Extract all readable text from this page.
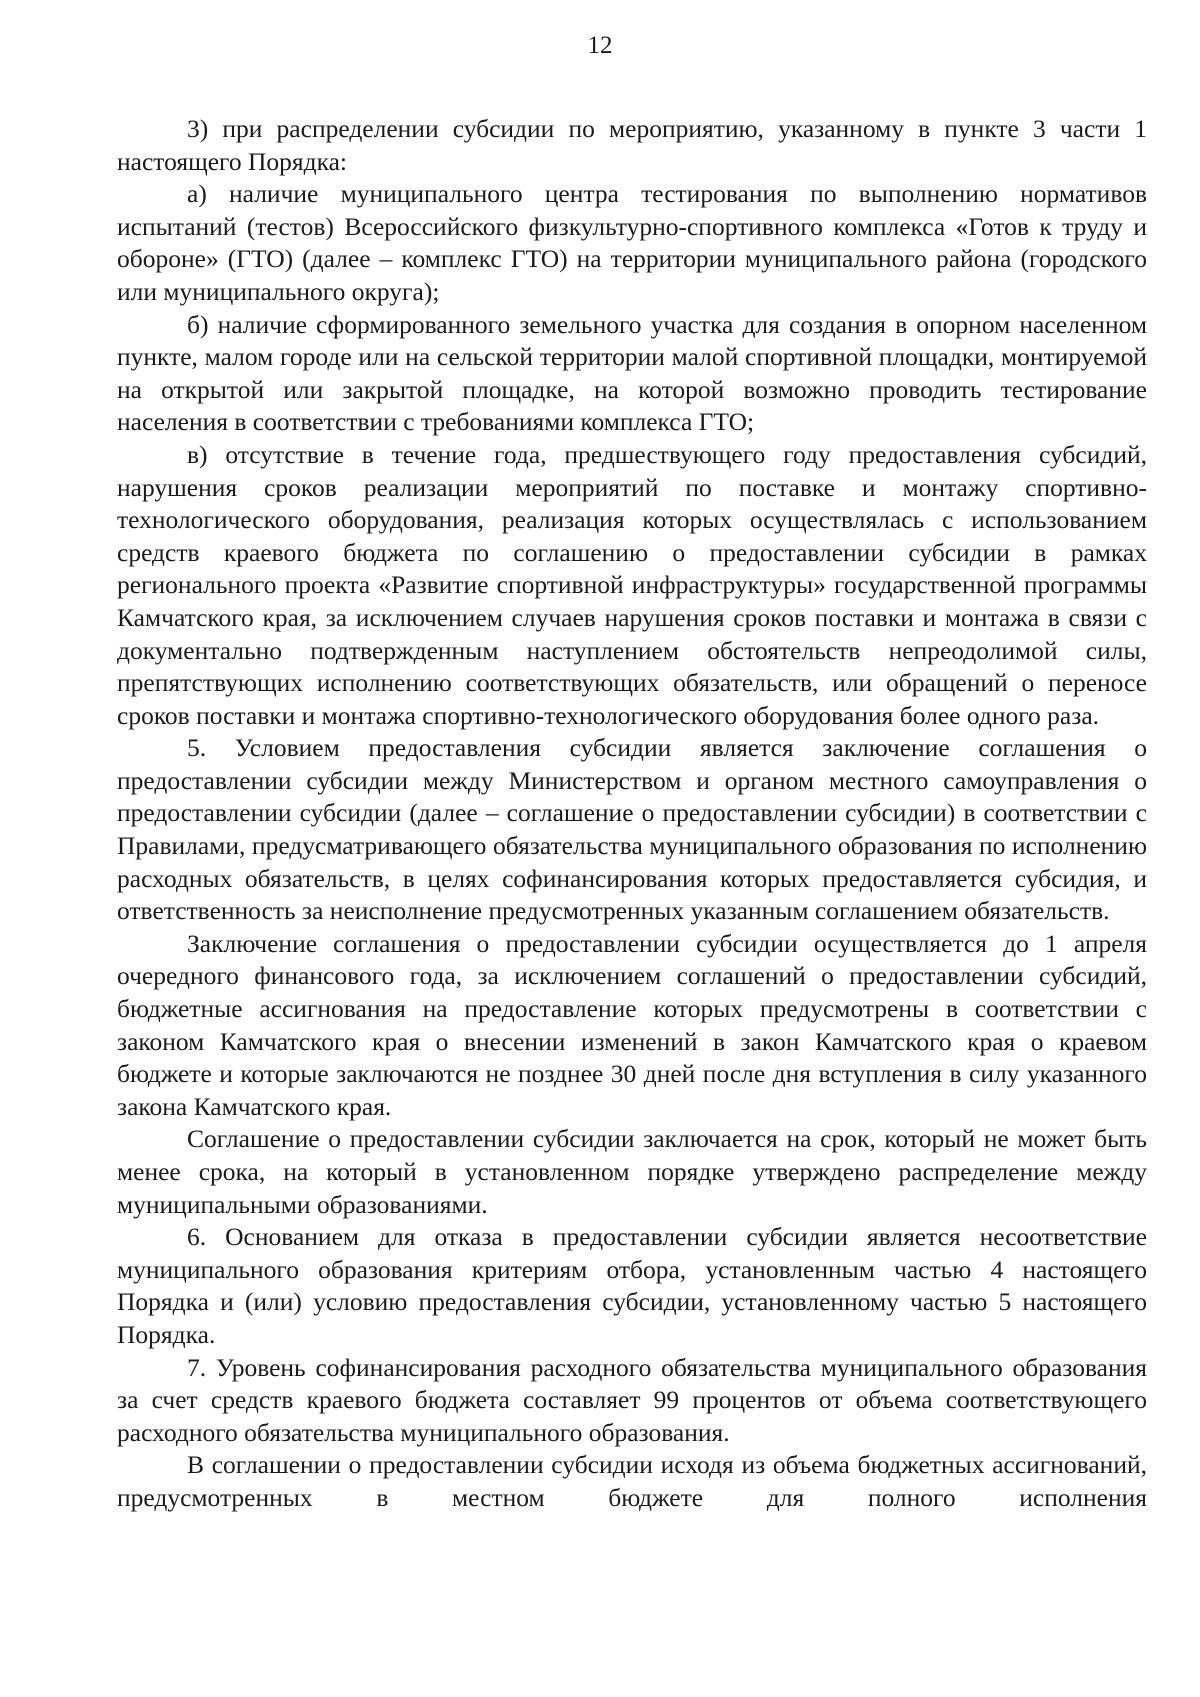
12

3) при распределении субсидии по мероприятию, указанному в пункте 3 части 1 настоящего Порядка:

а) наличие муниципального центра тестирования по выполнению нормативов испытаний (тестов) Всероссийского физкультурно-спортивного комплекса «Готов к труду и обороне» (ГТО) (далее – комплекс ГТО) на территории муниципального района (городского или муниципального округа);

б) наличие сформированного земельного участка для создания в опорном населенном пункте, малом городе или на сельской территории малой спортивной площадки, монтируемой на открытой или закрытой площадке, на которой возможно проводить тестирование населения в соответствии с требованиями комплекса ГТО;

в) отсутствие в течение года, предшествующего году предоставления субсидий, нарушения сроков реализации мероприятий по поставке и монтажу спортивно-технологического оборудования, реализация которых осуществлялась с использованием средств краевого бюджета по соглашению о предоставлении субсидии в рамках регионального проекта «Развитие спортивной инфраструктуры» государственной программы Камчатского края, за исключением случаев нарушения сроков поставки и монтажа в связи с документально подтвержденным наступлением обстоятельств непреодолимой силы, препятствующих исполнению соответствующих обязательств, или обращений о переносе сроков поставки и монтажа спортивно-технологического оборудования более одного раза.

5. Условием предоставления субсидии является заключение соглашения о предоставлении субсидии между Министерством и органом местного самоуправления о предоставлении субсидии (далее – соглашение о предоставлении субсидии) в соответствии с Правилами, предусматривающего обязательства муниципального образования по исполнению расходных обязательств, в целях софинансирования которых предоставляется субсидия, и ответственность за неисполнение предусмотренных указанным соглашением обязательств.

Заключение соглашения о предоставлении субсидии осуществляется до 1 апреля очередного финансового года, за исключением соглашений о предоставлении субсидий, бюджетные ассигнования на предоставление которых предусмотрены в соответствии с законом Камчатского края о внесении изменений в закон Камчатского края о краевом бюджете и которые заключаются не позднее 30 дней после дня вступления в силу указанного закона Камчатского края.

Соглашение о предоставлении субсидии заключается на срок, который не может быть менее срока, на который в установленном порядке утверждено распределение между муниципальными образованиями.

6. Основанием для отказа в предоставлении субсидии является несоответствие муниципального образования критериям отбора, установленным частью 4 настоящего Порядка и (или) условию предоставления субсидии, установленному частью 5 настоящего Порядка.

7. Уровень софинансирования расходного обязательства муниципального образования за счет средств краевого бюджета составляет 99 процентов от объема соответствующего расходного обязательства муниципального образования.

В соглашении о предоставлении субсидии исходя из объема бюджетных ассигнований, предусмотренных в местном бюджете для полного исполнения
